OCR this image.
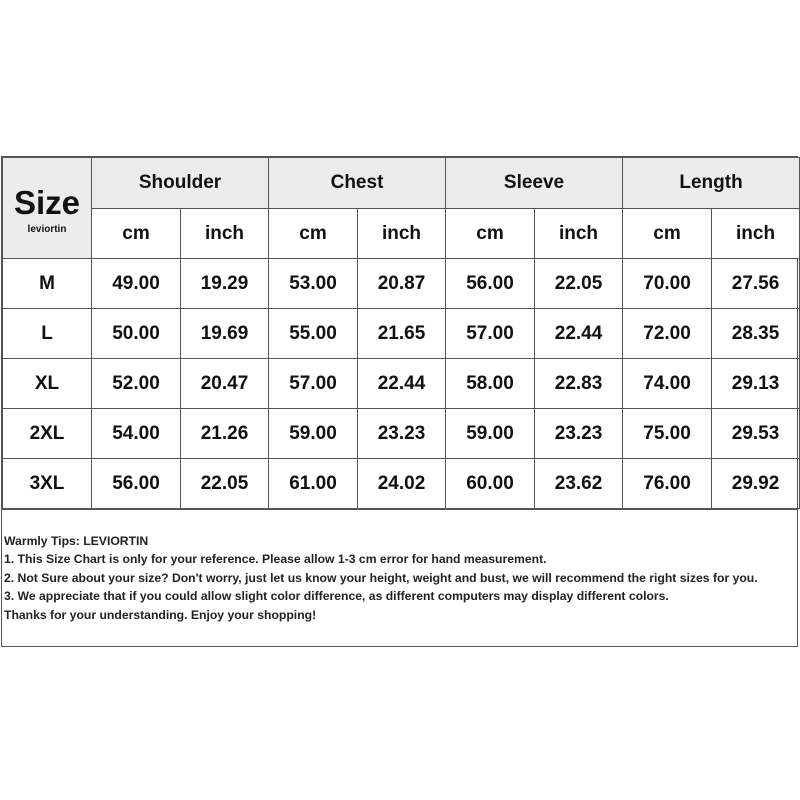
Size
leviortin	Shoulder		Chest		Sleeve		Length	
	cm	inch	cm	inch	cm	inch	cm	inch
M	49.00	19.29	53.00	20.87	56.00	22.05	70.00	27.56
L	50.00	19.69	55.00	21.65	57.00	22.44	72.00	28.35
XL	52.00	20.47	57.00	22.44	58.00	22.83	74.00	29.13
2XL	54.00	21.26	59.00	23.23	59.00	23.23	75.00	29.53
3XL	56.00	22.05	61.00	24.02	60.00	23.62	76.00	29.92
Warmly Tips: LEVIORTIN
1. This Size Chart is only for your reference. Please allow 1-3 cm error for hand measurement.
2. Not Sure about your size? Don't worry, just let us know your height, weight and bust, we will recommend the right sizes for you.
3. We appreciate that if you could allow slight color difference, as different computers may display different colors.
Thanks for your understanding. Enjoy your shopping!
